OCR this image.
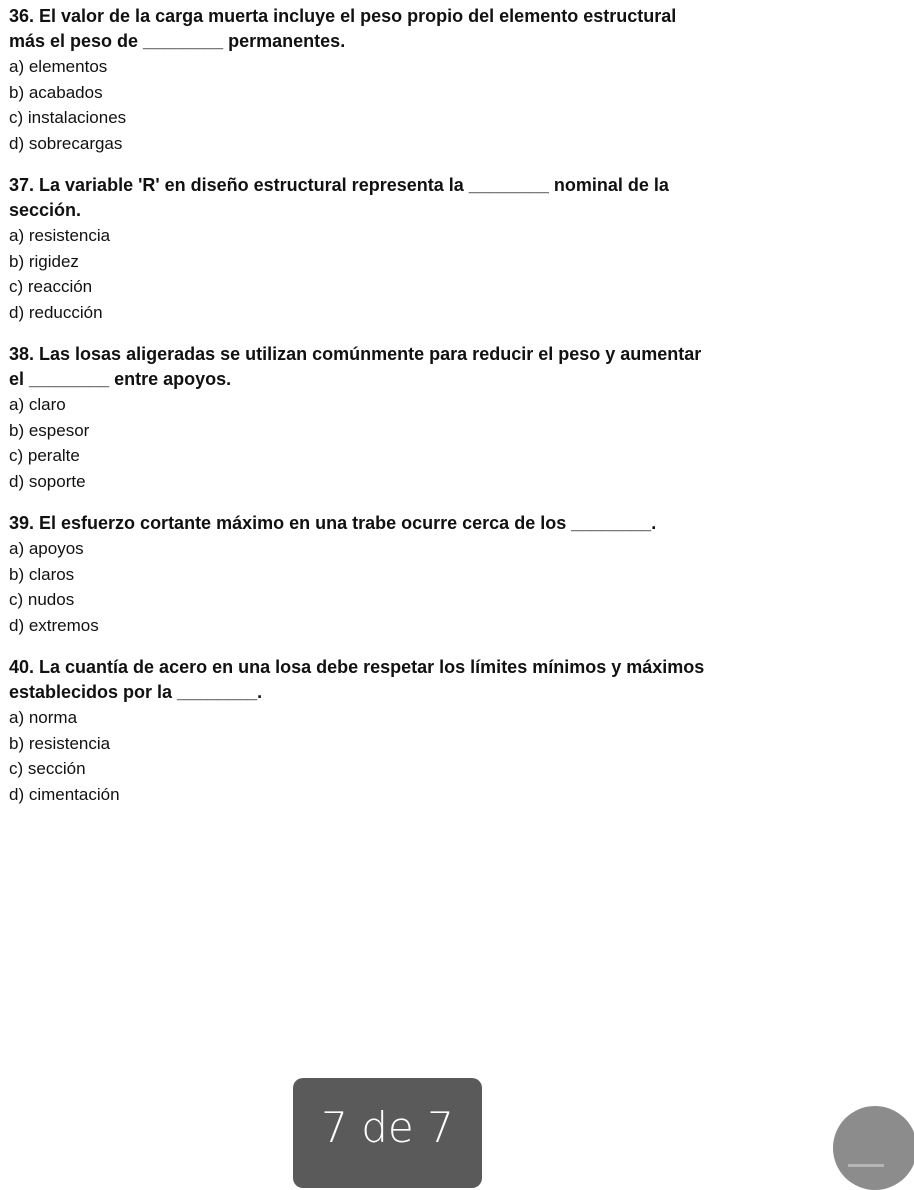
36. El valor de la carga muerta incluye el peso propio del elemento estructural
más el peso de ________ permanentes.

a) elementos
b) acabados
c) instalaciones
d) sobrecargas

37. La variable 'R' en diseño estructural representa la ________ nominal de la
sección.

a) resistencia
b) rigidez
c) reacción
d) reducción

38. Las losas aligeradas se utilizan comúnmente para reducir el peso y aumentar
el ________ entre apoyos.

a) claro
b) espesor
c) peralte
d) soporte

39. El esfuerzo cortante máximo en una trabe ocurre cerca de los ________.

a) apoyos
b) claros
c) nudos
d) extremos

40. La cuantía de acero en una losa debe respetar los límites mínimos y máximos
establecidos por la ________.

a) norma
b) resistencia
c) sección
d) cimentación
7 de 7
